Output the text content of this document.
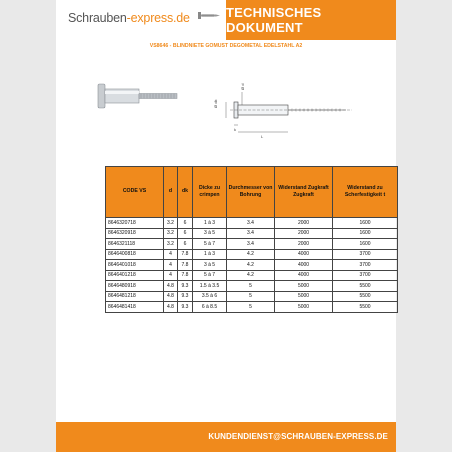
Schrauben-express.de	TECHNISCHES DOKUMENT
VS8646 - BLINDNIETE GOMUST DEGOMETAL EDELSTAHL A2
Ø dk
Ø d
k
L
CODE VS	d	dk	Dicke zu crimpen	Durchmesser von Bohrung	Widerstand Zugkraft Zugkraft	Widerstand zu Scherfestigkeit t
8646320718	3.2	6	1 à 3	3.4	2000	1600
8646320918	3.2	6	3 à 5	3.4	2000	1600
8646321118	3.2	6	5 à 7	3.4	2000	1600
8646400818	4	7.8	1 à 3	4.2	4000	3700
8646401018	4	7.8	3 à 5	4.2	4000	3700
8646401218	4	7.8	5 à 7	4.2	4000	3700
8646480918	4.8	9.3	1.5 à 3.5	5	5000	5500
8646481218	4.8	9.3	3.5 à 6	5	5000	5500
8646481418	4.8	9.3	6 à 8.5	5	5000	5500
KUNDENDIENST@SCHRAUBEN-EXPRESS.DE
